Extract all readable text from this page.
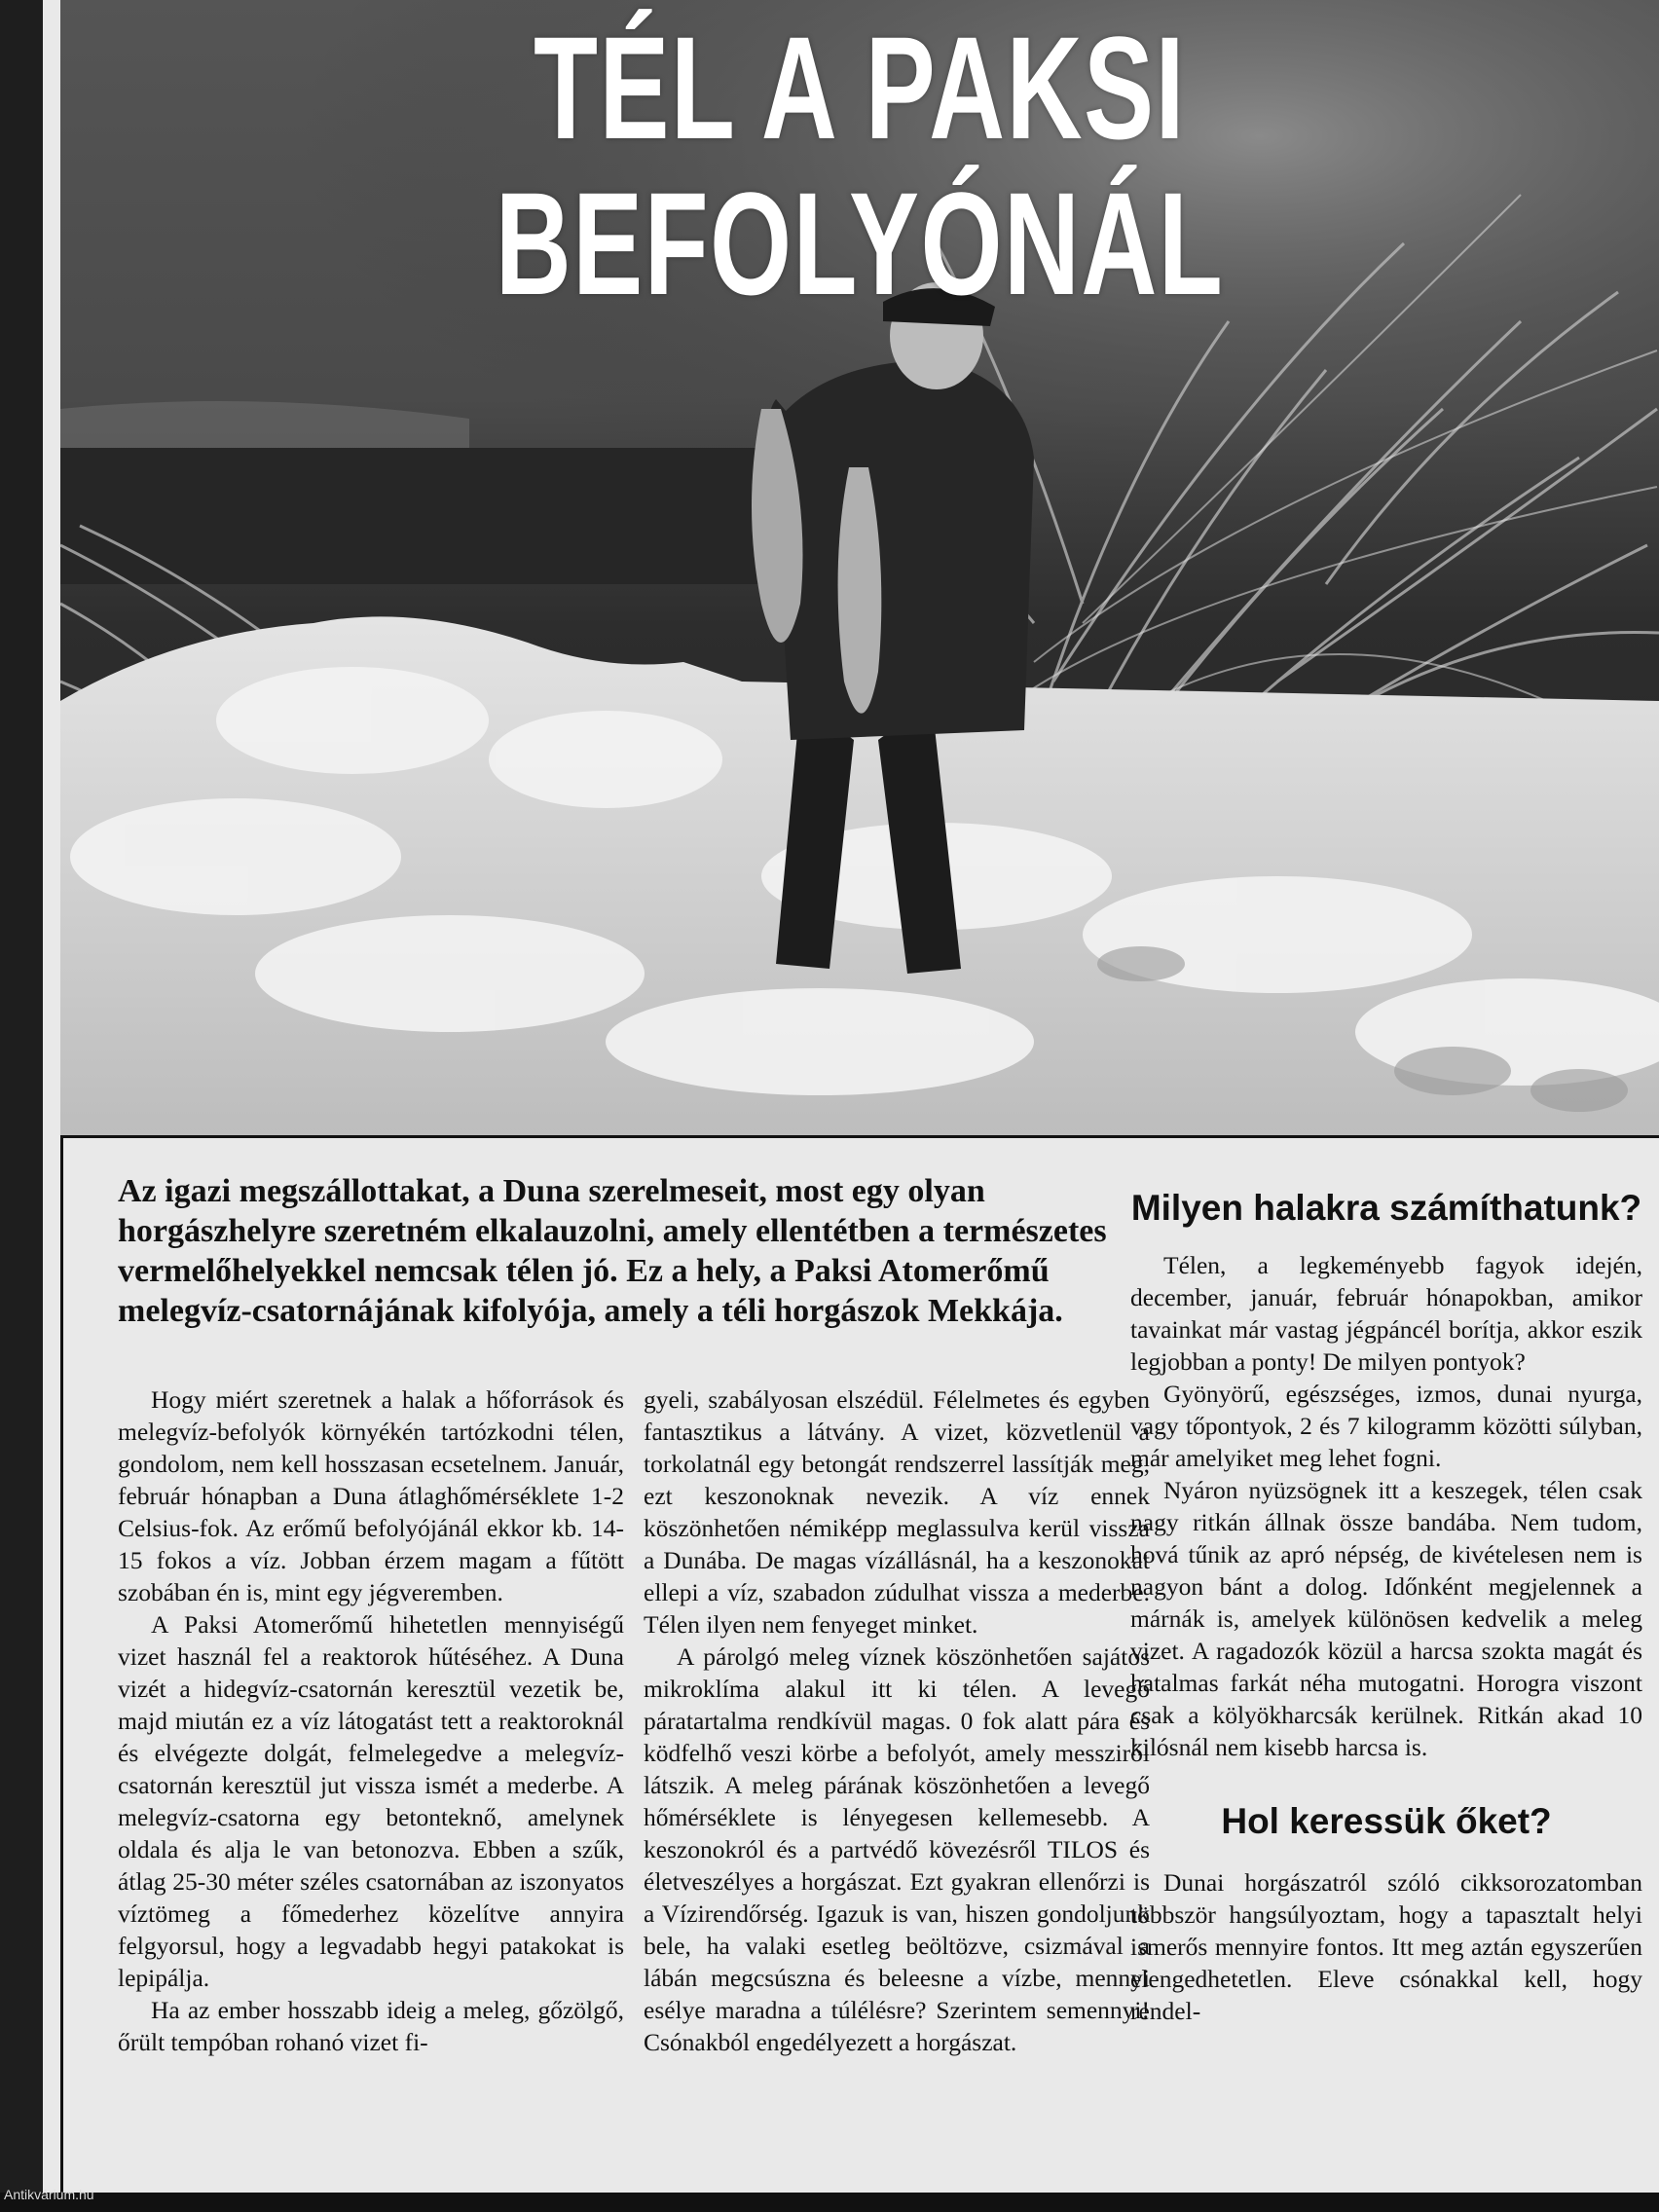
TÉL A PAKSI BEFOLYÓNÁL
Az igazi megszállottakat, a Duna szerelmeseit, most egy olyan horgászhelyre szeretném elkalauzolni, amely ellentétben a természetes vermelőhelyekkel nemcsak télen jó. Ez a hely, a Paksi Atomerőmű melegvíz-csatornájának kifolyója, amely a téli horgászok Mekkája.

Hogy miért szeretnek a halak a hőforrások és melegvíz-befolyók környékén tartózkodni télen, gondolom, nem kell hosszasan ecsetelnem. Január, február hónapban a Duna átlaghőmérséklete 1-2 Celsius-fok. Az erőmű befolyójánál ekkor kb. 14-15 fokos a víz. Jobban érzem magam a fűtött szobában én is, mint egy jégveremben.

A Paksi Atomerőmű hihetetlen mennyiségű vizet használ fel a reaktorok hűtéséhez. A Duna vizét a hidegvíz-csatornán keresztül vezetik be, majd miután ez a víz látogatást tett a reaktoroknál és elvégezte dolgát, felmelegedve a melegvíz-csatornán keresztül jut vissza ismét a mederbe. A melegvíz-csatorna egy betonteknő, amelynek oldala és alja le van betonozva. Ebben a szűk, átlag 25-30 méter széles csatornában az iszonyatos víztömeg a főmederhez közelítve annyira felgyorsul, hogy a legvadabb hegyi patakokat is lepipálja.

Ha az ember hosszabb ideig a meleg, gőzölgő, őrült tempóban rohanó vizet fi-

gyeli, szabályosan elszédül. Félelmetes és egyben fantasztikus a látvány. A vizet, közvetlenül a torkolatnál egy betongát rendszerrel lassítják meg, ezt keszonoknak nevezik. A víz ennek köszönhetően némiképp meglassulva kerül vissza a Dunába. De magas vízállásnál, ha a keszonokat ellepi a víz, szabadon zúdulhat vissza a mederbe. Télen ilyen nem fenyeget minket.

A párolgó meleg víznek köszönhetően sajátos mikroklíma alakul itt ki télen. A levegő páratartalma rendkívül magas. 0 fok alatt pára és ködfelhő veszi körbe a befolyót, amely messziről látszik. A meleg párának köszönhetően a levegő hőmérséklete is lényegesen kellemesebb. A keszonokról és a partvédő kövezésről TILOS és életveszélyes a horgászat. Ezt gyakran ellenőrzi is a Vízirendőrség. Igazuk is van, hiszen gondoljunk bele, ha valaki esetleg beöltözve, csizmával a lábán megcsúszna és beleesne a vízbe, mennyi esélye maradna a túlélésre? Szerintem semennyi! Csónakból engedélyezett a horgászat.

Milyen halakra számíthatunk?

Télen, a legkeményebb fagyok idején, december, január, február hónapokban, amikor tavainkat már vastag jégpáncél borítja, akkor eszik legjobban a ponty! De milyen pontyok?

Gyönyörű, egészséges, izmos, dunai nyurga, vagy tőpontyok, 2 és 7 kilogramm közötti súlyban, már amelyiket meg lehet fogni.

Nyáron nyüzsögnek itt a keszegek, télen csak nagy ritkán állnak össze bandába. Nem tudom, hová tűnik az apró népség, de kivételesen nem is nagyon bánt a dolog. Időnként megjelennek a márnák is, amelyek különösen kedvelik a meleg vizet. A ragadozók közül a harcsa szokta magát és hatalmas farkát néha mutogatni. Horogra viszont csak a kölyökharcsák kerülnek. Ritkán akad 10 kilósnál nem kisebb harcsa is.

Hol keressük őket?

Dunai horgászatról szóló cikksorozatomban többször hangsúlyoztam, hogy a tapasztalt helyi ismerős mennyire fontos. Itt meg aztán egyszerűen elengedhetetlen. Eleve csónakkal kell, hogy rendel-

Antikvárium.hu
